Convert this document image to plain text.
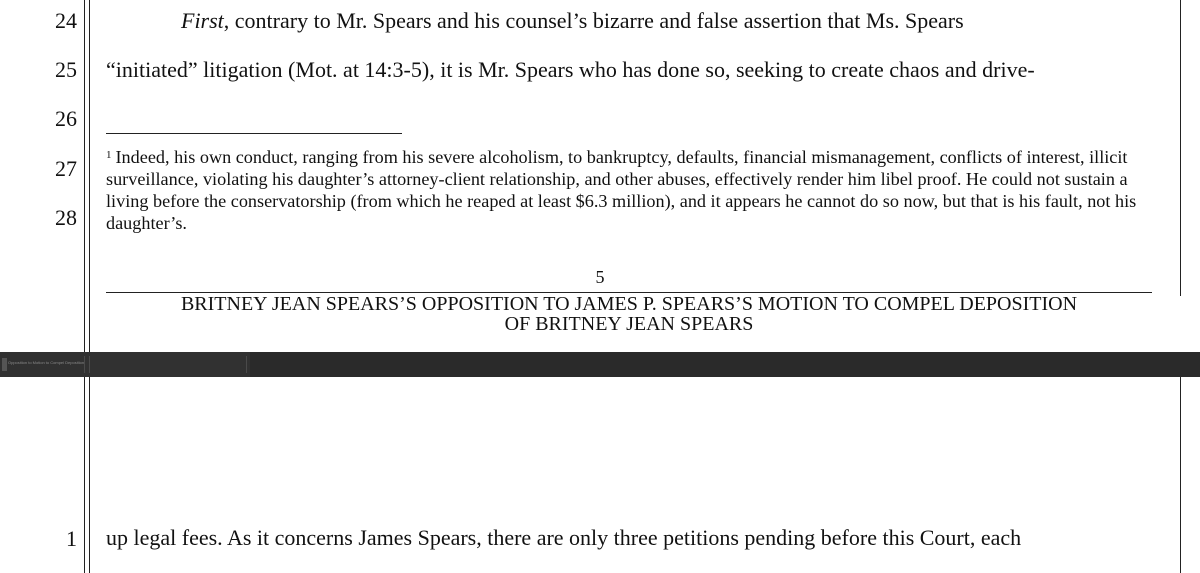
24
25
26
27
28
First, contrary to Mr. Spears and his counsel’s bizarre and false assertion that Ms. Spears
“initiated” litigation (Mot. at 14:3-5), it is Mr. Spears who has done so, seeking to create chaos and drive-
$^1$ Indeed, his own conduct, ranging from his severe alcoholism, to bankruptcy, defaults, financial mismanagement, conflicts of interest, illicit surveillance, violating his daughter’s attorney-client relationship, and other abuses, effectively render him libel proof. He could not sustain a living before the conservatorship (from which he reaped at least $6.3 million), and it appears he cannot do so now, but that is his fault, not his daughter’s.
5
BRITNEY JEAN SPEARS’S OPPOSITION TO JAMES P. SPEARS’S MOTION TO COMPEL DEPOSITION
OF BRITNEY JEAN SPEARS
Opposition to Motion to Compel Deposition
1 up legal fees. As it concerns James Spears, there are only three petitions pending before this Court, each
